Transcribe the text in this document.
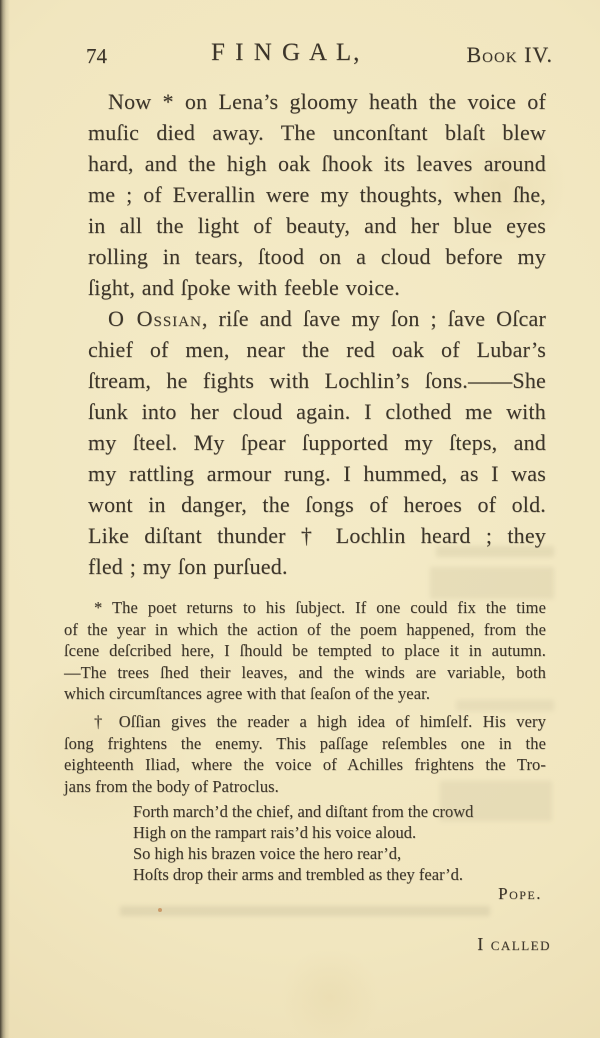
74	F I N G A L,	Book IV.
Now * on Lena’s gloomy heath the voice of
muſic died away. The unconſtant blaſt blew
hard, and the high oak ſhook its leaves around
me ; of Everallin were my thoughts, when ſhe,
in all the light of beauty, and her blue eyes
rolling in tears, ſtood on a cloud before my
ſight, and ſpoke with feeble voice.
O Ossian, riſe and ſave my ſon ; ſave Oſcar
chief of men, near the red oak of Lubar’s
ſtream, he fights with Lochlin’s ſons.——She
ſunk into her cloud again. I clothed me with
my ſteel. My ſpear ſupported my ſteps, and
my rattling armour rung. I hummed, as I was
wont in danger, the ſongs of heroes of old.
Like diſtant thunder † Lochlin heard ; they
fled ; my ſon purſued.
* The poet returns to his ſubject. If one could fix the time
of the year in which the action of the poem happened, from the
ſcene deſcribed here, I ſhould be tempted to place it in autumn.
—The trees ſhed their leaves, and the winds are variable, both
which circumſtances agree with that ſeaſon of the year.
† Oſſian gives the reader a high idea of himſelf. His very
ſong frightens the enemy. This paſſage reſembles one in the
eighteenth Iliad, where the voice of Achilles frightens the Tro-
jans from the body of Patroclus.
Forth march’d the chief, and diſtant from the crowd
High on the rampart rais’d his voice aloud.
So high his brazen voice the hero rear’d,
Hoſts drop their arms and trembled as they fear’d.
Pope.
I called
